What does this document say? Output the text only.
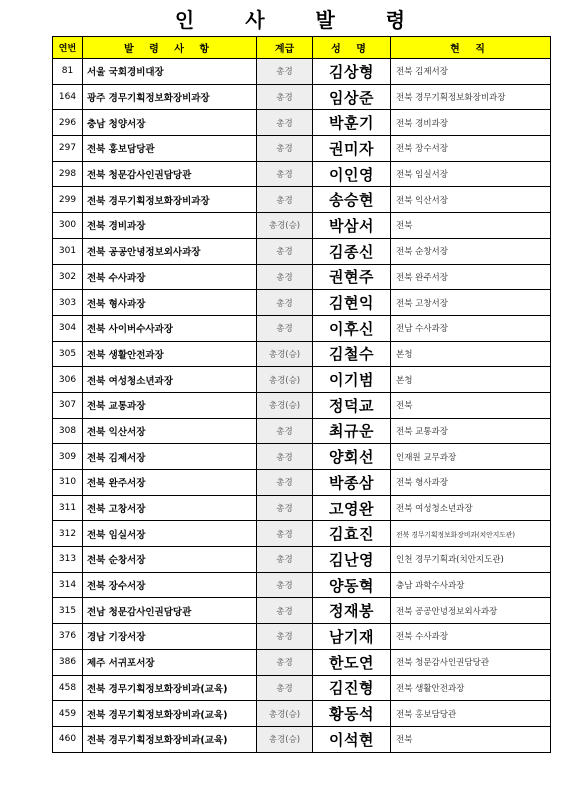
인 사 발 령
연번	발 령 사 항	계급	성 명	현 직
81	서울 국회경비대장	총경	김상형	전북 김제서장
164	광주 경무기획정보화장비과장	총경	임상준	전북 경무기획정보화장비과장
296	충남 청양서장	총경	박훈기	전북 경비과장
297	전북 홍보담당관	총경	권미자	전북 장수서장
298	전북 청문감사인권담당관	총경	이인영	전북 임실서장
299	전북 경무기획정보화장비과장	총경	송승현	전북 익산서장
300	전북 경비과장	총경(승)	박삼서	전북
301	전북 공공안녕정보외사과장	총경	김종신	전북 순창서장
302	전북 수사과장	총경	권현주	전북 완주서장
303	전북 형사과장	총경	김현익	전북 고창서장
304	전북 사이버수사과장	총경	이후신	전남 수사과장
305	전북 생활안전과장	총경(승)	김철수	본청
306	전북 여성청소년과장	총경(승)	이기범	본청
307	전북 교통과장	총경(승)	정덕교	전북
308	전북 익산서장	총경	최규운	전북 교통과장
309	전북 김제서장	총경	양회선	인재원 교무과장
310	전북 완주서장	총경	박종삼	전북 형사과장
311	전북 고창서장	총경	고영완	전북 여성청소년과장
312	전북 임실서장	총경	김효진	전북 경무기획정보화장비과(치안지도관)
313	전북 순창서장	총경	김난영	인천 경무기획과(치안지도관)
314	전북 장수서장	총경	양동혁	충남 과학수사과장
315	전남 청문감사인권담당관	총경	정재봉	전북 공공안녕정보외사과장
376	경남 기장서장	총경	남기재	전북 수사과장
386	제주 서귀포서장	총경	한도연	전북 청문감사인권담당관
458	전북 경무기획정보화장비과(교육)	총경	김진형	전북 생활안전과장
459	전북 경무기획정보화장비과(교육)	총경(승)	황동석	전북 홍보담당관
460	전북 경무기획정보화장비과(교육)	총경(승)	이석현	전북
